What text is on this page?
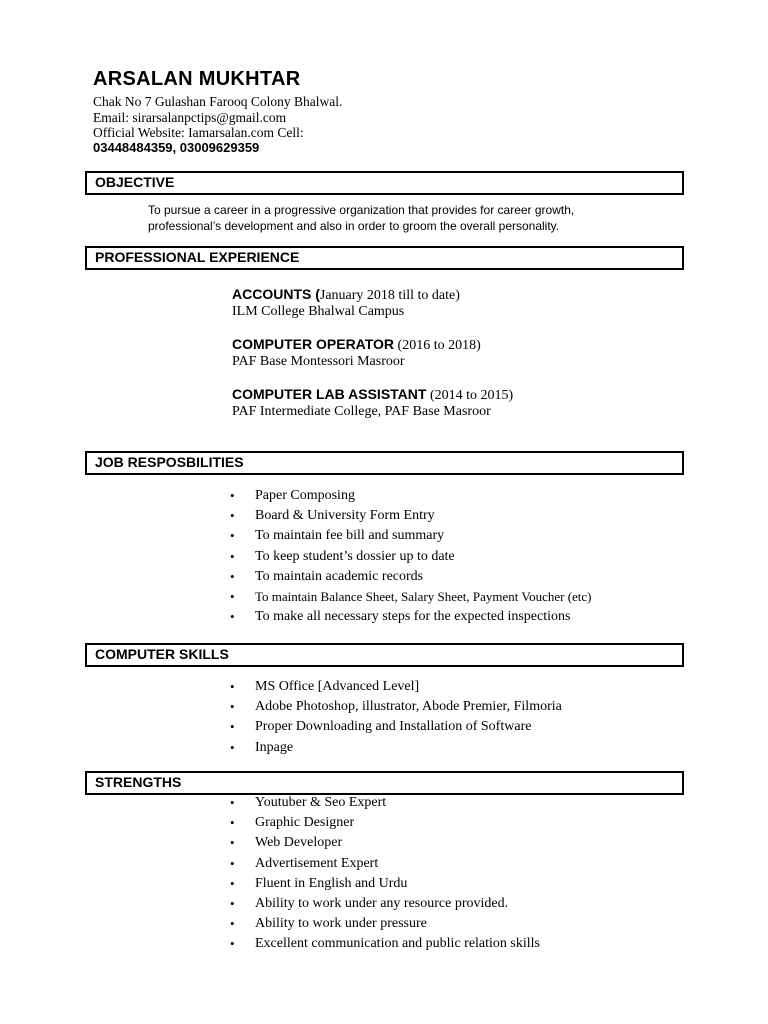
ARSALAN MUKHTAR
Chak No 7 Gulashan Farooq Colony Bhalwal.
Email: sirarsalanpctips@gmail.com
Official Website: Iamarsalan.com Cell:
03448484359, 03009629359
OBJECTIVE
To pursue a career in a progressive organization that provides for career growth,
professional’s development and also in order to groom the overall personality.
PROFESSIONAL EXPERIENCE
ACCOUNTS (January 2018 till to date)
ILM College Bhalwal Campus
COMPUTER OPERATOR (2016 to 2018)
PAF Base Montessori Masroor
COMPUTER LAB ASSISTANT (2014 to 2015)
PAF Intermediate College, PAF Base Masroor
JOB RESPOSBILITIES
• Paper Composing
• Board & University Form Entry
• To maintain fee bill and summary
• To keep student’s dossier up to date
• To maintain academic records
• To maintain Balance Sheet, Salary Sheet, Payment Voucher (etc)
• To make all necessary steps for the expected inspections
COMPUTER SKILLS
• MS Office [Advanced Level]
• Adobe Photoshop, illustrator, Abode Premier, Filmoria
• Proper Downloading and Installation of Software
• Inpage
STRENGTHS
• Youtuber & Seo Expert
• Graphic Designer
• Web Developer
• Advertisement Expert
• Fluent in English and Urdu
• Ability to work under any resource provided.
• Ability to work under pressure
• Excellent communication and public relation skills
